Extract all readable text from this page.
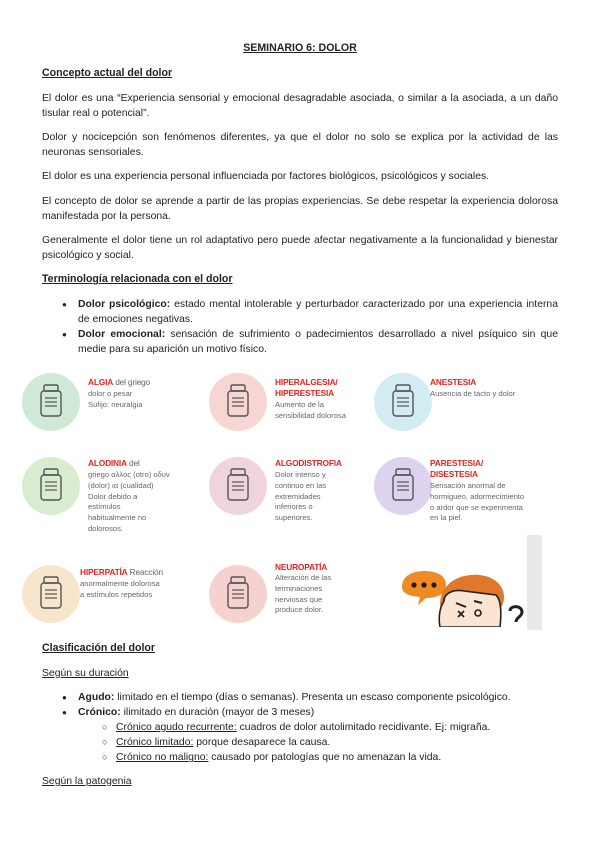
SEMINARIO 6: DOLOR
Concepto actual del dolor
El dolor es una “Experiencia sensorial y emocional desagradable asociada, o similar a la asociada, a un daño tisular real o potencial”.
Dolor y nocicepción son fenómenos diferentes, ya que el dolor no solo se explica por la actividad de las neuronas sensoriales.
El dolor es una experiencia personal influenciada por factores biológicos, psicológicos y sociales.
El concepto de dolor se aprende a partir de las propias experiencias. Se debe respetar la experiencia dolorosa manifestada por la persona.
Generalmente el dolor tiene un rol adaptativo pero puede afectar negativamente a la funcionalidad y bienestar psicológico y social.
Terminología relacionada con el dolor
● Dolor psicológico: estado mental intolerable y perturbador caracterizado por una experiencia interna de emociones negativas.
● Dolor emocional: sensación de sufrimiento o padecimientos desarrollado a nivel psíquico sin que medie para su aparición un motivo físico.
ALGIA del griego
dolor o pesar
Sufijo: neuralgia
HIPERALGESIA/
HIPERESTESIA
Aumento de la
sensibilidad dolorosa
ANESTESIA
Ausencia de tacto y dolor
ALODINIA del
griego αλλος (otro) οδυν
(dolor) ια (cualidad)
Dolor debido a
estímulos
habitualmente no
dolorosos.
ALGODISTROFIA
Dolor intenso y
continuo en las
extremidades
inferiores o
superiores.
PARESTESIA/
DISESTESIA
Sensación anormal de
hormigueo, adormecimiento
o ardor que se experimenta
en la piel.
HIPERPATÍA Reacción
anormalmente dolorosa
a estímulos repetidos
NEUROPATÍA
Alteración de las
terminaciones
nerviosas que
produce dolor.
Clasificación del dolor
Según su duración
● Agudo: limitado en el tiempo (días o semanas). Presenta un escaso componente psicológico.
● Crónico: ilimitado en duración (mayor de 3 meses)
○ Crónico agudo recurrente: cuadros de dolor autolimitado recidivante. Ej: migraña.
○ Crónico limitado: porque desaparece la causa.
○ Crónico no maligno: causado por patologías que no amenazan la vida.
Según la patogenia
